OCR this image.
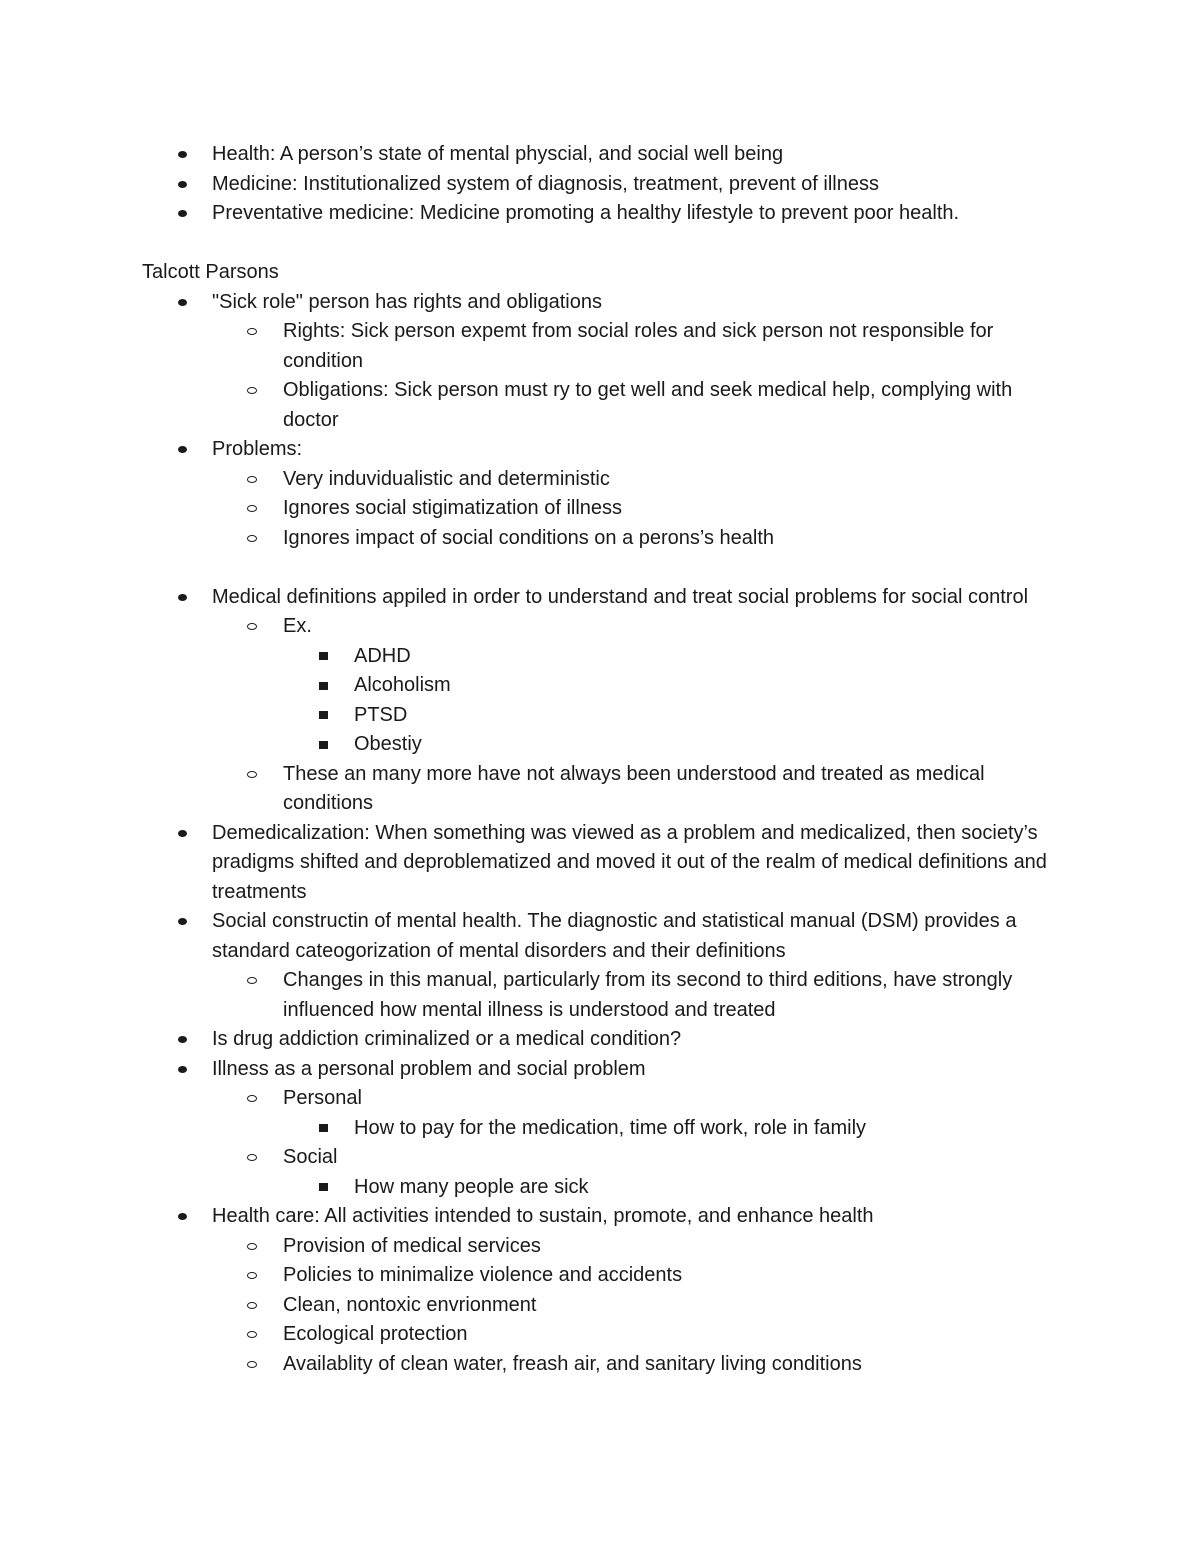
Health: A person’s state of mental physcial, and social well being
Medicine: Institutionalized system of diagnosis, treatment, prevent of illness
Preventative medicine: Medicine promoting a healthy lifestyle to prevent poor health.

Talcott Parsons

"Sick role" person has rights and obligations
Rights: Sick person expemt from social roles and sick person not responsible for condition
Obligations: Sick person must ry to get well and seek medical help, complying with doctor
Problems:
Very induvidualistic and deterministic
Ignores social stigimatization of illness
Ignores impact of social conditions on a perons’s health
Medical definitions appiled in order to understand and treat social problems for social control
Ex.
ADHD
Alcoholism
PTSD
Obestiy
These an many more have not always been understood and treated as medical conditions
Demedicalization: When something was viewed as a problem and medicalized, then society’s pradigms shifted and deproblematized and moved it out of the realm of medical definitions and treatments
Social constructin of mental health. The diagnostic and statistical manual (DSM) provides a standard cateogorization of mental disorders and their definitions
Changes in this manual, particularly from its second to third editions, have strongly influenced how mental illness is understood and treated
Is drug addiction criminalized or a medical condition?
Illness as a personal problem and social problem
Personal
How to pay for the medication, time off work, role in family
Social
How many people are sick
Health care: All activities intended to sustain, promote, and enhance health
Provision of medical services
Policies to minimalize violence and accidents
Clean, nontoxic envrionment
Ecological protection
Availablity of clean water, freash air, and sanitary living conditions
